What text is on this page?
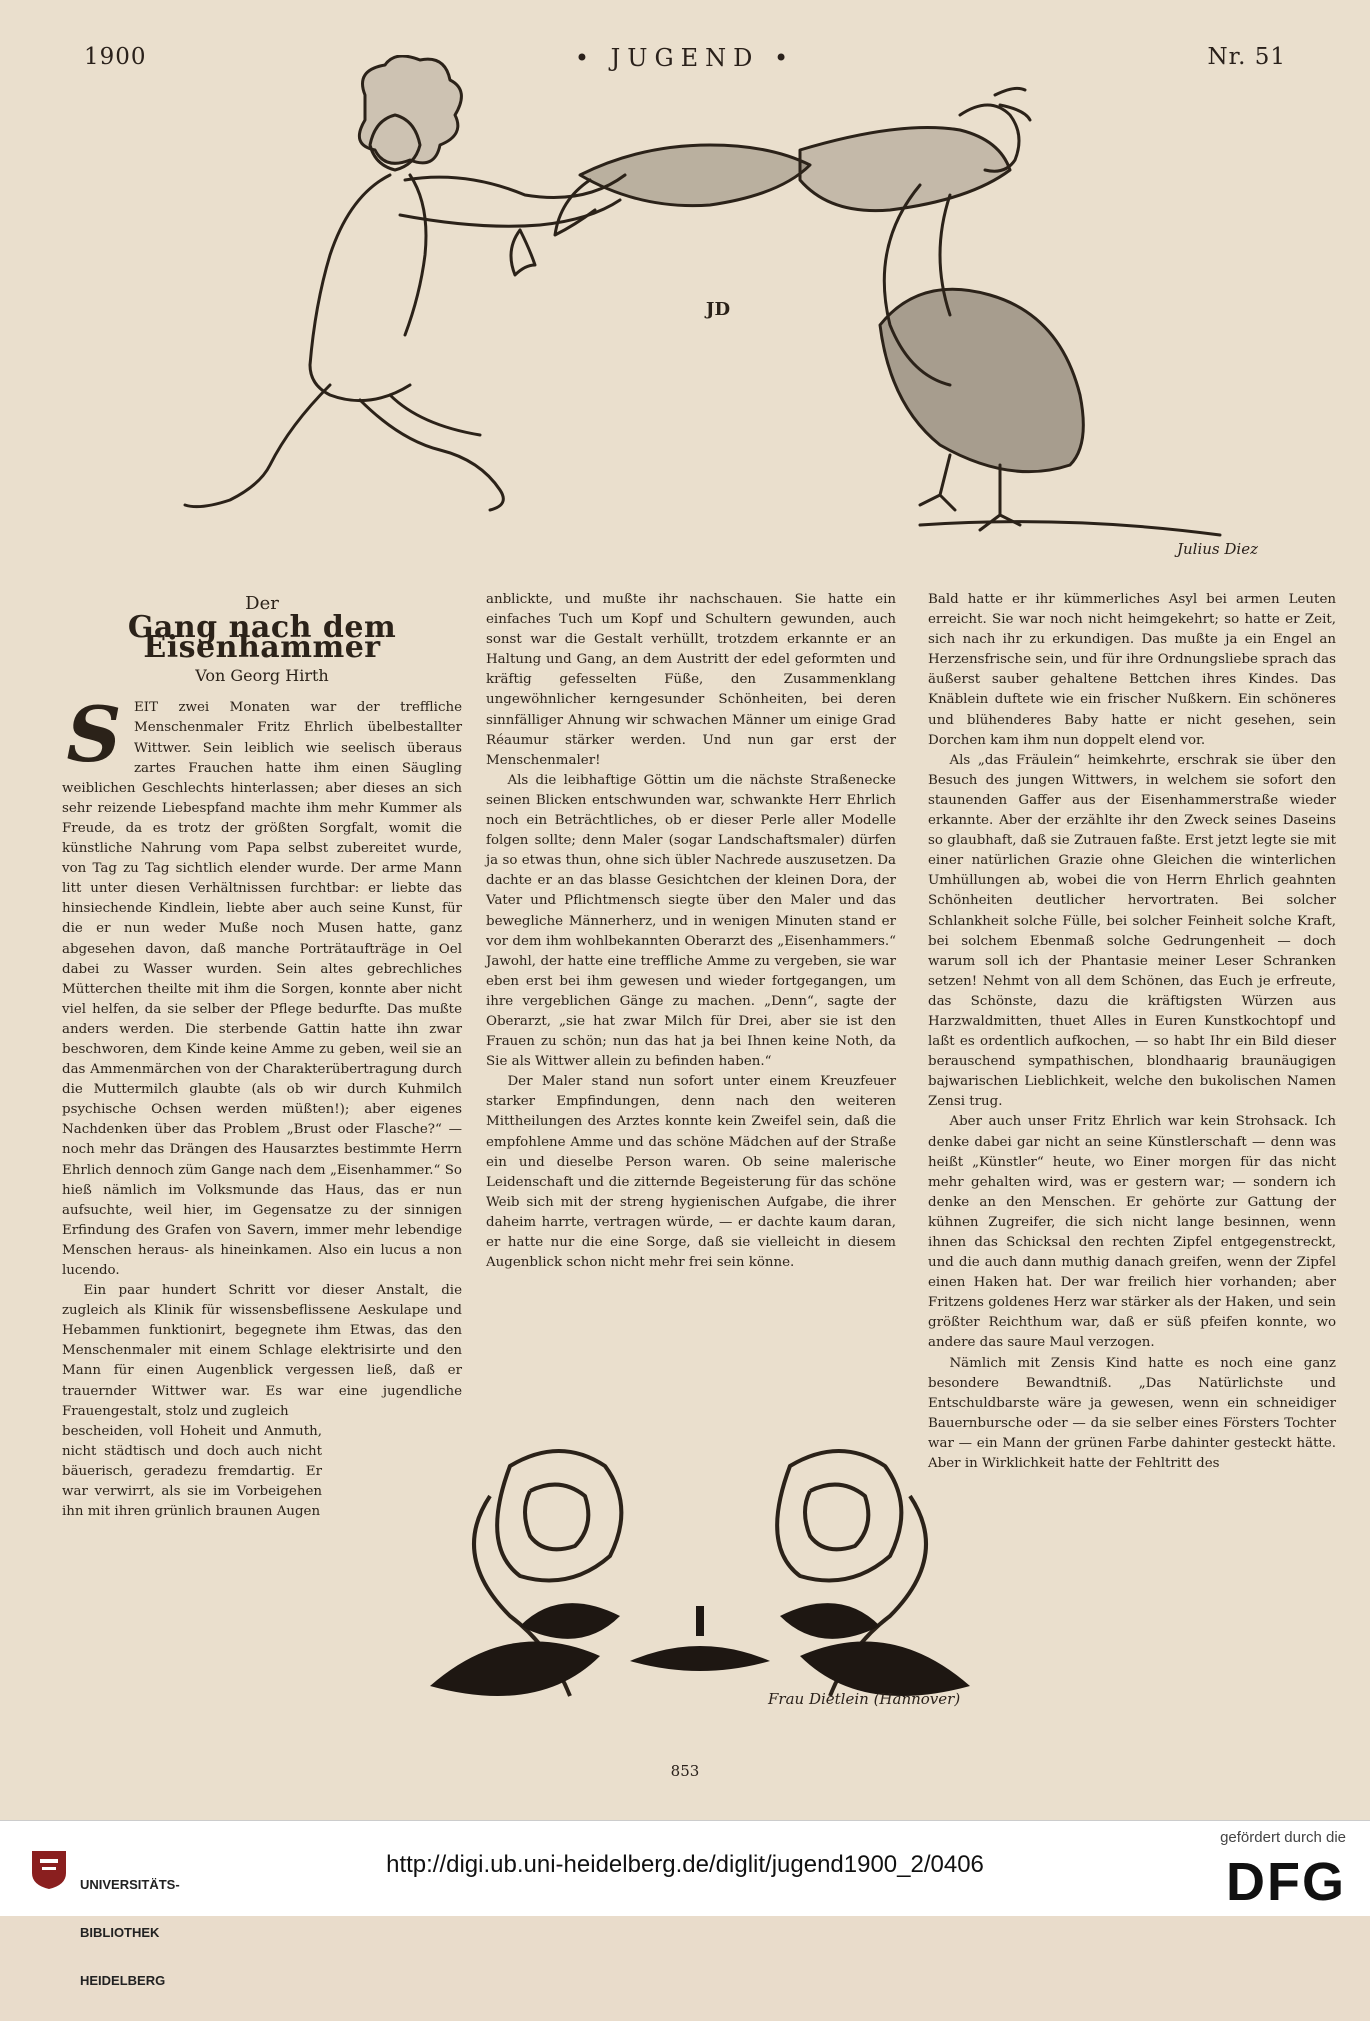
1900	• JUGEND •	Nr. 51
JD
Julius Diez
Der
Gang nach dem Eisenhammer
Von Georg Hirth
S EIT zwei Monaten war der treffliche Menschenmaler Fritz Ehrlich übelbestallter Wittwer. Sein leiblich wie seelisch überaus zartes Frauchen hatte ihm einen Säugling weiblichen Geschlechts hinterlassen; aber dieses an sich sehr reizende Liebespfand machte ihm mehr Kummer als Freude, da es trotz der größten Sorgfalt, womit die künstliche Nahrung vom Papa selbst zubereitet wurde, von Tag zu Tag sichtlich elender wurde. Der arme Mann litt unter diesen Verhältnissen furchtbar: er liebte das hinsiechende Kindlein, liebte aber auch seine Kunst, für die er nun weder Muße noch Musen hatte, ganz abgesehen davon, daß manche Porträtaufträge in Oel dabei zu Wasser wurden. Sein altes gebrechliches Mütterchen theilte mit ihm die Sorgen, konnte aber nicht viel helfen, da sie selber der Pflege bedurfte. Das mußte anders werden. Die sterbende Gattin hatte ihn zwar beschworen, dem Kinde keine Amme zu geben, weil sie an das Ammenmärchen von der Charakterübertragung durch die Muttermilch glaubte (als ob wir durch Kuhmilch psychische Ochsen werden müßten!); aber eigenes Nachdenken über das Problem „Brust oder Flasche?“ — noch mehr das Drängen des Hausarztes bestimmte Herrn Ehrlich dennoch züm Gange nach dem „Eisenhammer.“ So hieß nämlich im Volksmunde das Haus, das er nun aufsuchte, weil hier, im Gegensatze zu der sinnigen Erfindung des Grafen von Savern, immer mehr lebendige Menschen heraus- als hineinkamen. Also ein lucus a non lucendo.

Ein paar hundert Schritt vor dieser Anstalt, die zugleich als Klinik für wissensbeflissene Aeskulape und Hebammen funktionirt, begegnete ihm Etwas, das den Menschenmaler mit einem Schlage elektrisirte und den Mann für einen Augenblick vergessen ließ, daß er trauernder Wittwer war. Es war eine jugendliche Frauengestalt, stolz und zugleich

bescheiden, voll Hoheit und Anmuth, nicht städtisch und doch auch nicht bäuerisch, geradezu fremdartig. Er war verwirrt, als sie im Vorbeigehen ihn mit ihren grünlich braunen Augen

anblickte, und mußte ihr nachschauen. Sie hatte ein einfaches Tuch um Kopf und Schultern gewunden, auch sonst war die Gestalt verhüllt, trotzdem erkannte er an Haltung und Gang, an dem Austritt der edel geformten und kräftig gefesselten Füße, den Zusammenklang ungewöhnlicher kerngesunder Schönheiten, bei deren sinnfälliger Ahnung wir schwachen Männer um einige Grad Réaumur stärker werden. Und nun gar erst der Menschenmaler!

Als die leibhaftige Göttin um die nächste Straßenecke seinen Blicken entschwunden war, schwankte Herr Ehrlich noch ein Beträchtliches, ob er dieser Perle aller Modelle folgen sollte; denn Maler (sogar Landschaftsmaler) dürfen ja so etwas thun, ohne sich übler Nachrede auszusetzen. Da dachte er an das blasse Gesichtchen der kleinen Dora, der Vater und Pflichtmensch siegte über den Maler und das bewegliche Männerherz, und in wenigen Minuten stand er vor dem ihm wohlbekannten Oberarzt des „Eisenhammers.“ Jawohl, der hatte eine treffliche Amme zu vergeben, sie war eben erst bei ihm gewesen und wieder fortgegangen, um ihre vergeblichen Gänge zu machen. „Denn“, sagte der Oberarzt, „sie hat zwar Milch für Drei, aber sie ist den Frauen zu schön; nun das hat ja bei Ihnen keine Noth, da Sie als Wittwer allein zu befinden haben.“

Der Maler stand nun sofort unter einem Kreuzfeuer starker Empfindungen, denn nach den weiteren Mittheilungen des Arztes konnte kein Zweifel sein, daß die empfohlene Amme und das schöne Mädchen auf der Straße ein und dieselbe Person waren. Ob seine malerische Leidenschaft und die zitternde Begeisterung für das schöne Weib sich mit der streng hygienischen Aufgabe, die ihrer daheim harrte, vertragen würde, — er dachte kaum daran, er hatte nur die eine Sorge, daß sie vielleicht in diesem Augenblick schon nicht mehr frei sein könne.

Bald hatte er ihr kümmerliches Asyl bei armen Leuten erreicht. Sie war noch nicht heimgekehrt; so hatte er Zeit, sich nach ihr zu erkundigen. Das mußte ja ein Engel an Herzensfrische sein, und für ihre Ordnungsliebe sprach das äußerst sauber gehaltene Bettchen ihres Kindes. Das Knäblein duftete wie ein frischer Nußkern. Ein schöneres und blühenderes Baby hatte er nicht gesehen, sein Dorchen kam ihm nun doppelt elend vor.

Als „das Fräulein“ heimkehrte, erschrak sie über den Besuch des jungen Wittwers, in welchem sie sofort den staunenden Gaffer aus der Eisenhammerstraße wieder erkannte. Aber der erzählte ihr den Zweck seines Daseins so glaubhaft, daß sie Zutrauen faßte. Erst jetzt legte sie mit einer natürlichen Grazie ohne Gleichen die winterlichen Umhüllungen ab, wobei die von Herrn Ehrlich geahnten Schönheiten deutlicher hervortraten. Bei solcher Schlankheit solche Fülle, bei solcher Feinheit solche Kraft, bei solchem Ebenmaß solche Gedrungenheit — doch warum soll ich der Phantasie meiner Leser Schranken setzen! Nehmt von all dem Schönen, das Euch je erfreute, das Schönste, dazu die kräftigsten Würzen aus Harzwaldmitten, thuet Alles in Euren Kunstkochtopf und laßt es ordentlich aufkochen, — so habt Ihr ein Bild dieser berauschend sympathischen, blondhaarig braunäugigen bajwarischen Lieblichkeit, welche den bukolischen Namen Zensi trug.

Aber auch unser Fritz Ehrlich war kein Strohsack. Ich denke dabei gar nicht an seine Künstlerschaft — denn was heißt „Künstler“ heute, wo Einer morgen für das nicht mehr gehalten wird, was er gestern war; — sondern ich denke an den Menschen. Er gehörte zur Gattung der kühnen Zugreifer, die sich nicht lange besinnen, wenn ihnen das Schicksal den rechten Zipfel entgegenstreckt, und die auch dann muthig danach greifen, wenn der Zipfel einen Haken hat. Der war freilich hier vorhanden; aber Fritzens goldenes Herz war stärker als der Haken, und sein größter Reichthum war, daß er süß pfeifen konnte, wo andere das saure Maul verzogen.

Nämlich mit Zensis Kind hatte es noch eine ganz besondere Bewandtniß. „Das Natürlichste und Entschuldbarste wäre ja gewesen, wenn ein schneidiger Bauernbursche oder — da sie selber eines Försters Tochter war — ein Mann der grünen Farbe dahinter gesteckt hätte. Aber in Wirklichkeit hatte der Fehltritt des

Frau Dietlein (Hannover)
853

UNIVERSITÄTS-

BIBLIOTHEK

HEIDELBERG

http://digi.ub.uni-heidelberg.de/diglit/jugend1900_2/0406
gefördert durch die
DFG
